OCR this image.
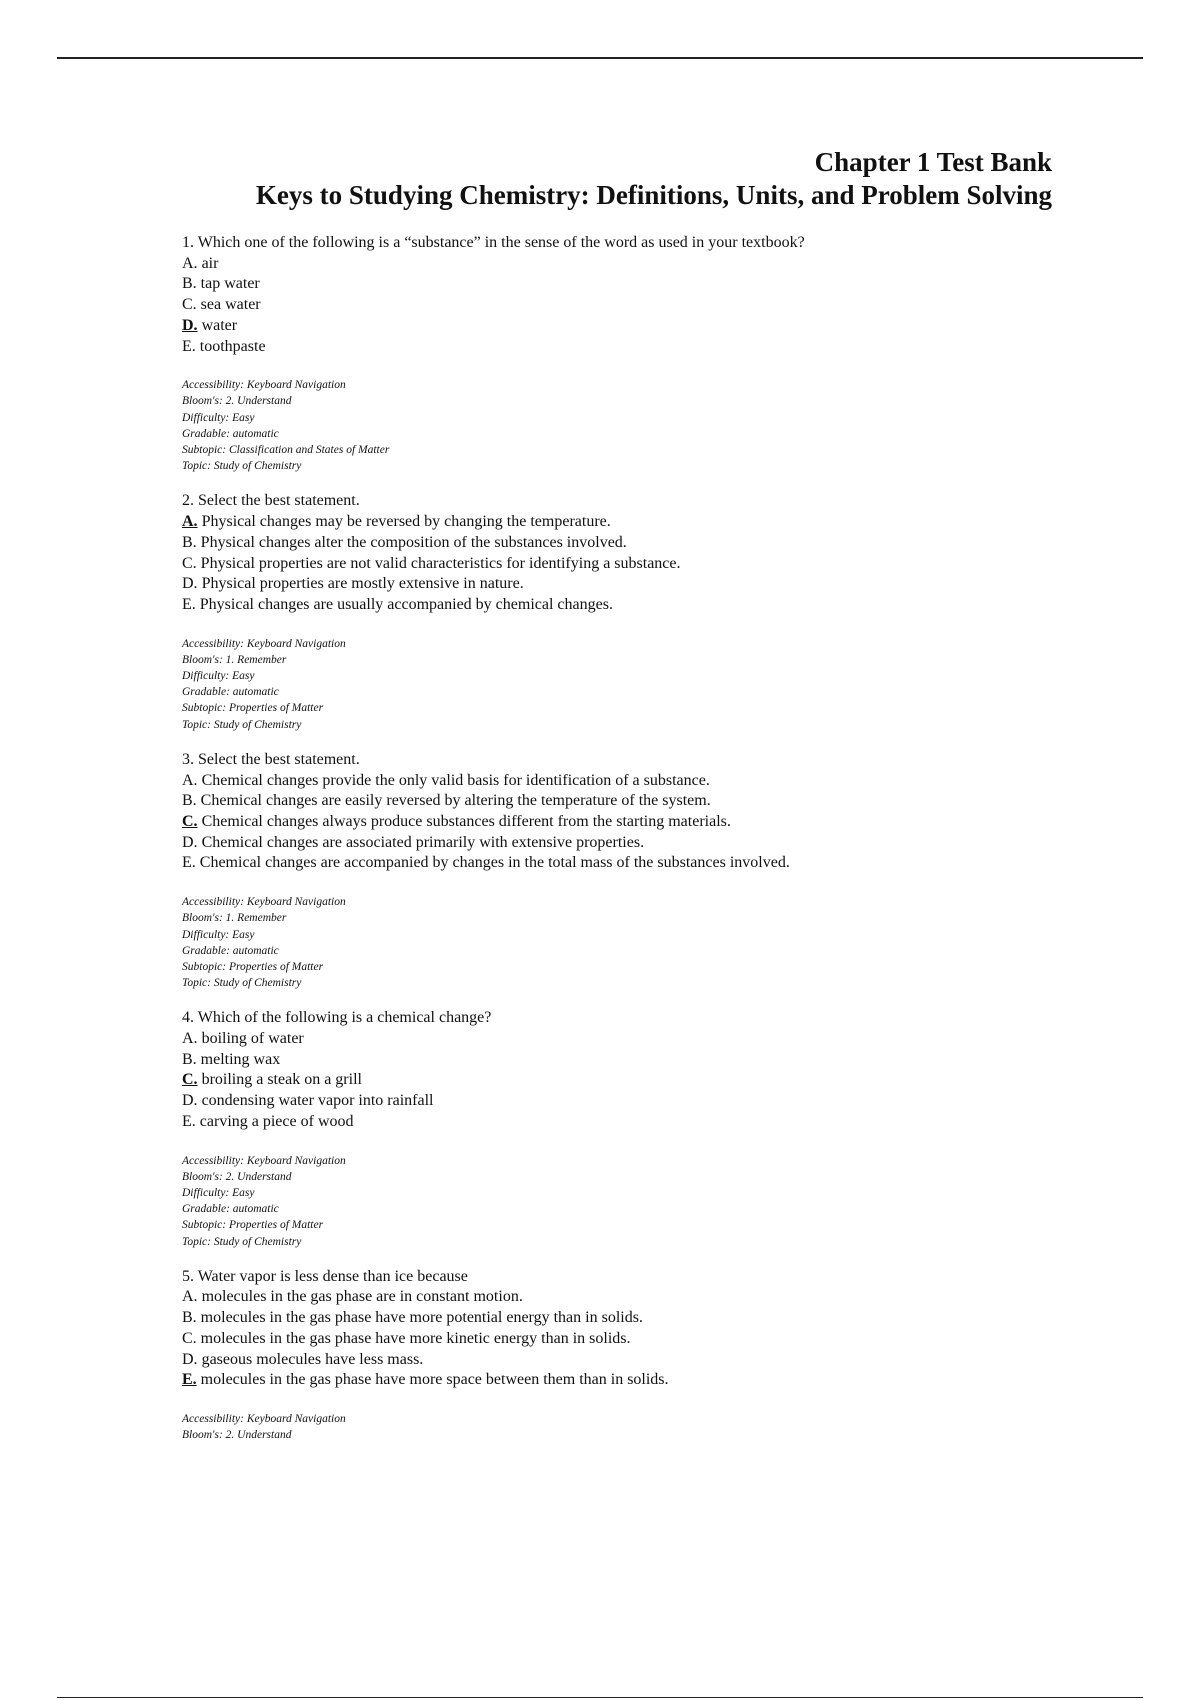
Chapter 1 Test Bank
Keys to Studying Chemistry: Definitions, Units, and Problem Solving
1. Which one of the following is a “substance” in the sense of the word as used in your textbook?
A. air
B. tap water
C. sea water
D. water
E. toothpaste
Accessibility: Keyboard Navigation
Bloom's: 2. Understand
Difficulty: Easy
Gradable: automatic
Subtopic: Classification and States of Matter
Topic: Study of Chemistry
2. Select the best statement.
A. Physical changes may be reversed by changing the temperature.
B. Physical changes alter the composition of the substances involved.
C. Physical properties are not valid characteristics for identifying a substance.
D. Physical properties are mostly extensive in nature.
E. Physical changes are usually accompanied by chemical changes.
Accessibility: Keyboard Navigation
Bloom's: 1. Remember
Difficulty: Easy
Gradable: automatic
Subtopic: Properties of Matter
Topic: Study of Chemistry
3. Select the best statement.
A. Chemical changes provide the only valid basis for identification of a substance.
B. Chemical changes are easily reversed by altering the temperature of the system.
C. Chemical changes always produce substances different from the starting materials.
D. Chemical changes are associated primarily with extensive properties.
E. Chemical changes are accompanied by changes in the total mass of the substances involved.
Accessibility: Keyboard Navigation
Bloom's: 1. Remember
Difficulty: Easy
Gradable: automatic
Subtopic: Properties of Matter
Topic: Study of Chemistry
4. Which of the following is a chemical change?
A. boiling of water
B. melting wax
C. broiling a steak on a grill
D. condensing water vapor into rainfall
E. carving a piece of wood
Accessibility: Keyboard Navigation
Bloom's: 2. Understand
Difficulty: Easy
Gradable: automatic
Subtopic: Properties of Matter
Topic: Study of Chemistry
5. Water vapor is less dense than ice because
A. molecules in the gas phase are in constant motion.
B. molecules in the gas phase have more potential energy than in solids.
C. molecules in the gas phase have more kinetic energy than in solids.
D. gaseous molecules have less mass.
E. molecules in the gas phase have more space between them than in solids.
Accessibility: Keyboard Navigation
Bloom's: 2. Understand
